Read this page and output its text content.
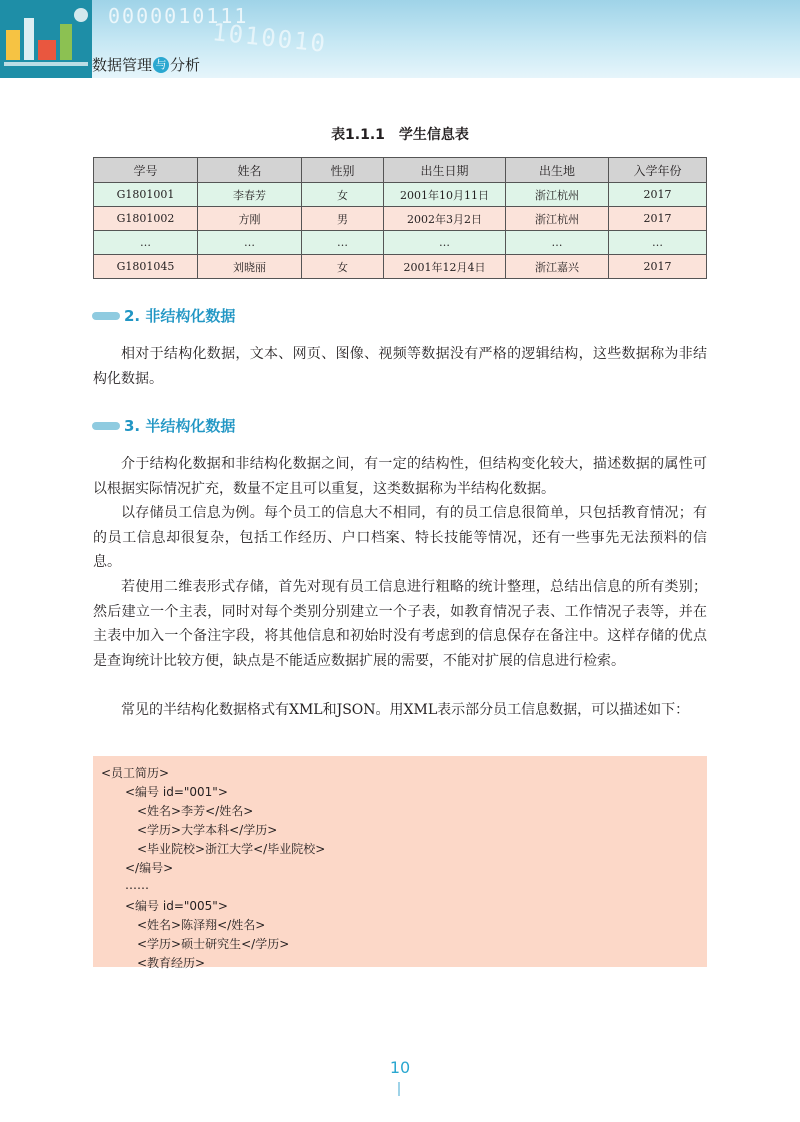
0000010111
1010010
数据管理 与 分析
表1.1.1　学生信息表
学号	姓名	性别	出生日期	出生地	入学年份
G1801001	李春芳	女	2001年10月11日	浙江杭州	2017
G1801002	方刚	男	2002年3月2日	浙江杭州	2017
…	…	…	…	…	…
G1801045	刘晓丽	女	2001年12月4日	浙江嘉兴	2017
2. 非结构化数据

相对于结构化数据，文本、网页、图像、视频等数据没有严格的逻辑结构，这些数据称为非结构化数据。

3. 半结构化数据

介于结构化数据和非结构化数据之间，有一定的结构性，但结构变化较大，描述数据的属性可以根据实际情况扩充，数量不定且可以重复，这类数据称为半结构化数据。

以存储员工信息为例。每个员工的信息大不相同，有的员工信息很简单，只包括教育情况；有的员工信息却很复杂，包括工作经历、户口档案、特长技能等情况，还有一些事先无法预料的信息。

若使用二维表形式存储，首先对现有员工信息进行粗略的统计整理，总结出信息的所有类别；然后建立一个主表，同时对每个类别分别建立一个子表，如教育情况子表、工作情况子表等，并在主表中加入一个备注字段，将其他信息和初始时没有考虑到的信息保存在备注中。这样存储的优点是查询统计比较方便，缺点是不能适应数据扩展的需要，不能对扩展的信息进行检索。

常见的半结构化数据格式有XML和JSON。用XML表示部分员工信息数据，可以描述如下：

<员工简历>
<编号 id="001">
<姓名>李芳</姓名>
<学历>大学本科</学历>
<毕业院校>浙江大学</毕业院校>
</编号>
……
<编号 id="005">
<姓名>陈泽翔</姓名>
<学历>硕士研究生</学历>
<教育经历>
10
